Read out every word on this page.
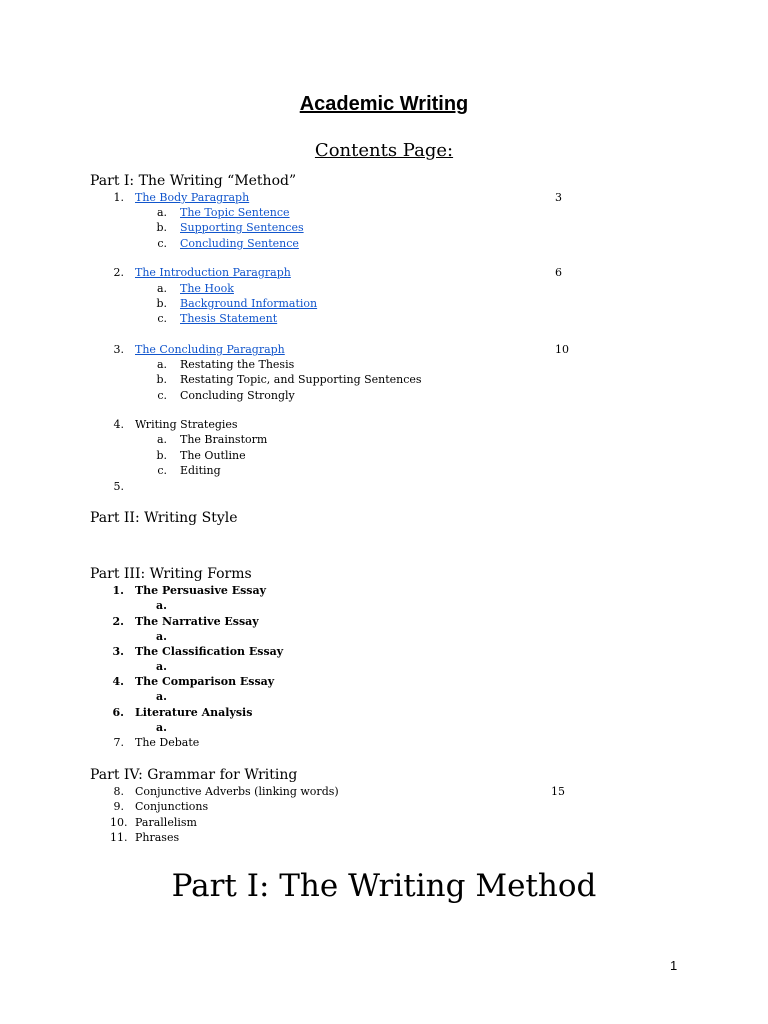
Academic Writing
Contents Page:
Part I: The Writing “Method”
1. The Body Paragraph	3
a. The Topic Sentence
b. Supporting Sentences
c. Concluding Sentence
2. The Introduction Paragraph	6
a. The Hook
b. Background Information
c. Thesis Statement
3. The Concluding Paragraph	10
a. Restating the Thesis
b. Restating Topic, and Supporting Sentences
c. Concluding Strongly
4. Writing Strategies
a. The Brainstorm
b. The Outline
c. Editing
5.
Part II: Writing Style
Part III: Writing Forms
1. The Persuasive Essay
a.
2. The Narrative Essay
a.
3. The Classification Essay
a.
4. The Comparison Essay
a.
6. Literature Analysis
a.
7. The Debate
Part IV: Grammar for Writing
8. Conjunctive Adverbs (linking words)	15
9. Conjunctions
10. Parallelism
11. Phrases
Part I: The Writing Method
1
